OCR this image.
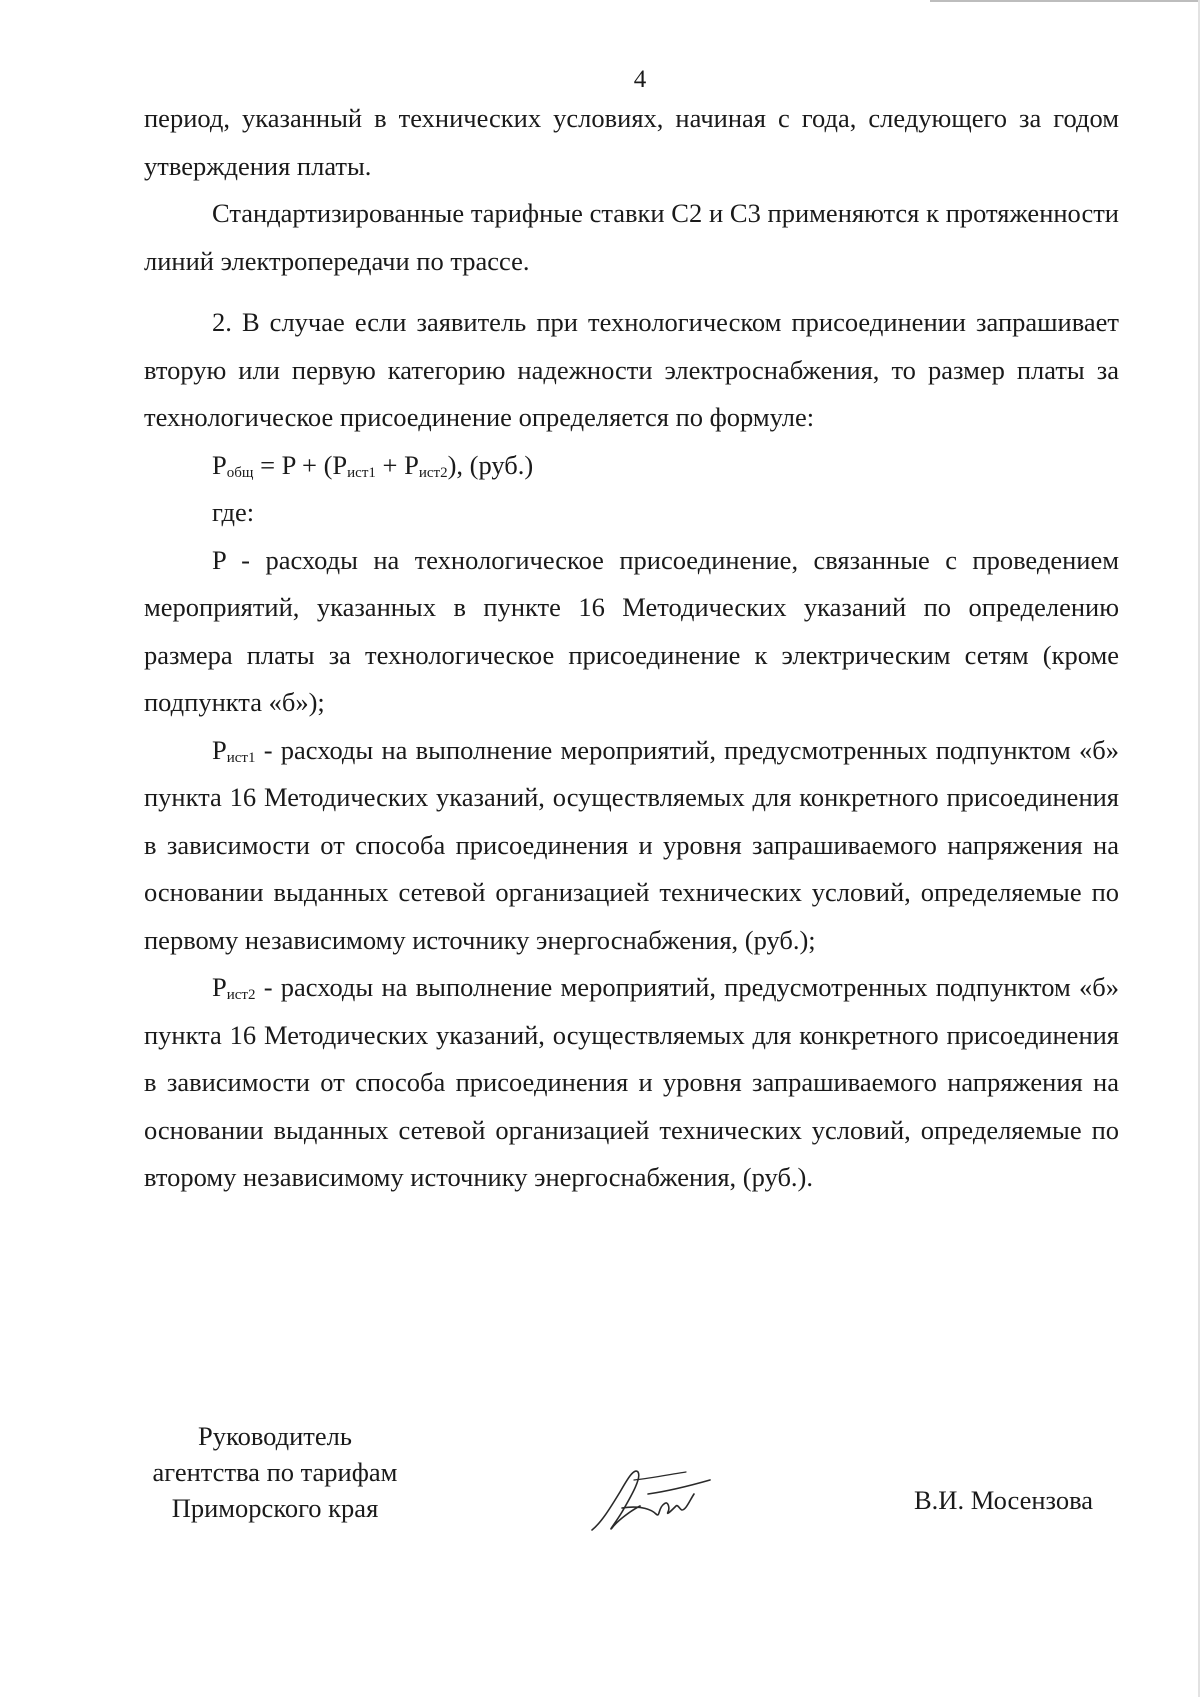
4

период, указанный в технических условиях, начиная с года, следующего за годом утверждения платы.

Стандартизированные тарифные ставки С2 и С3 применяются к протяженности линий электропередачи по трассе.

2. В случае если заявитель при технологическом присоединении запрашивает вторую или первую категорию надежности электроснабжения, то размер платы за технологическое присоединение определяется по формуле:

$P_{общ} = P + (P_{ист1} + P_{ист2})$, (руб.)

где:

P - расходы на технологическое присоединение, связанные с проведением мероприятий, указанных в пункте 16 Методических указаний по определению размера платы за технологическое присоединение к электрическим сетям (кроме подпункта «б»);

$P_{ист1}$ - расходы на выполнение мероприятий, предусмотренных подпунктом «б» пункта 16 Методических указаний, осуществляемых для конкретного присоединения в зависимости от способа присоединения и уровня запрашиваемого напряжения на основании выданных сетевой организацией технических условий, определяемые по первому независимому источнику энергоснабжения, (руб.);

$P_{ист2}$ - расходы на выполнение мероприятий, предусмотренных подпунктом «б» пункта 16 Методических указаний, осуществляемых для конкретного присоединения в зависимости от способа присоединения и уровня запрашиваемого напряжения на основании выданных сетевой организацией технических условий, определяемые по второму независимому источнику энергоснабжения, (руб.).

Руководитель
агентства по тарифам
Приморского края	В.И. Мосензова
